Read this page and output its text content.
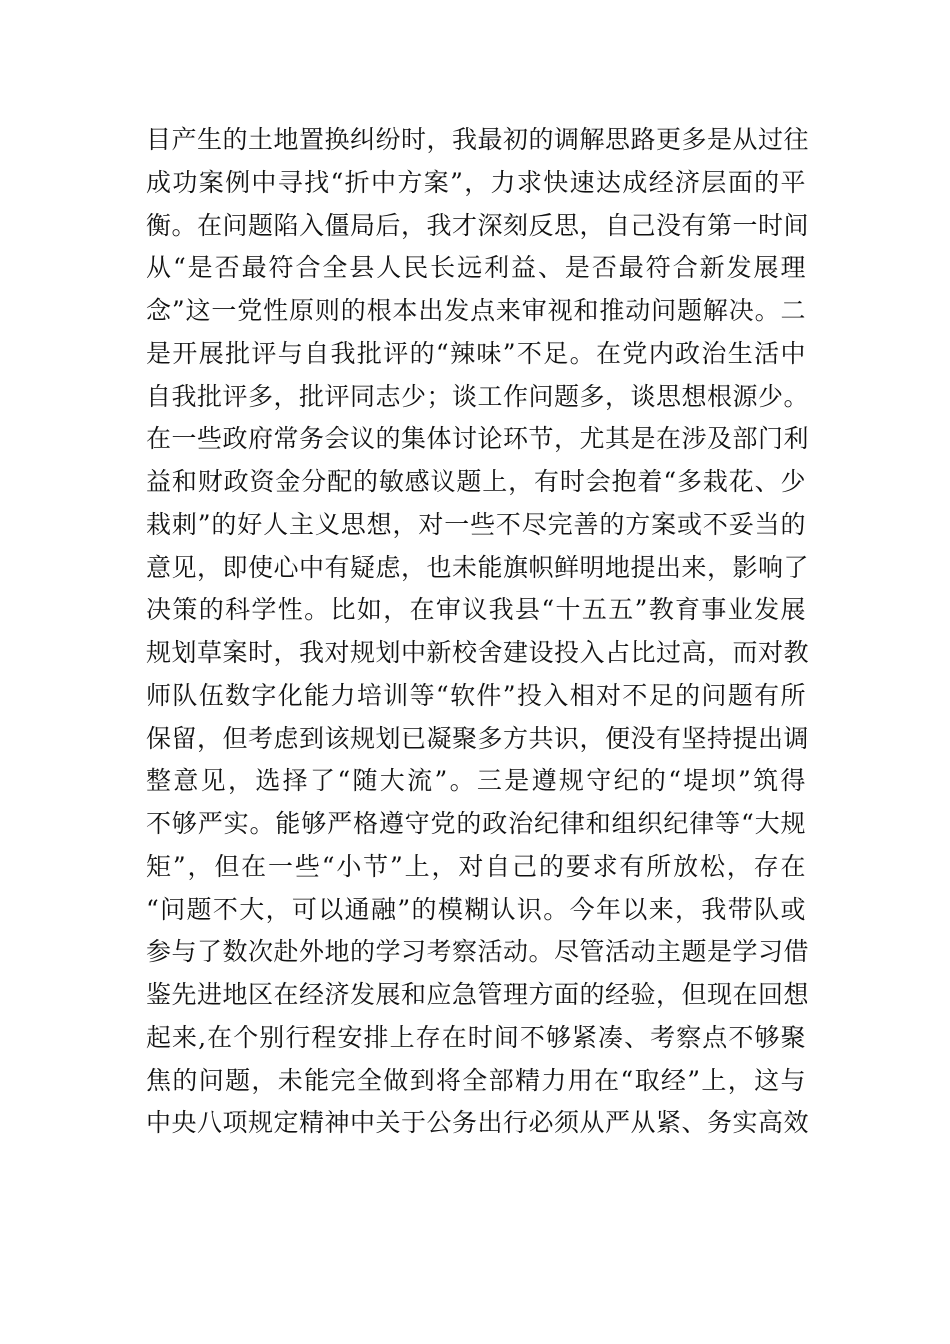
目产生的土地置换纠纷时，我最初的调解思路更多是从过往
成功案例中寻找“折中方案”，力求快速达成经济层面的平
衡。在问题陷入僵局后，我才深刻反思，自己没有第一时间
从“是否最符合全县人民长远利益、是否最符合新发展理
念”这一党性原则的根本出发点来审视和推动问题解决。二
是开展批评与自我批评的“辣味”不足。在党内政治生活中
自我批评多，批评同志少；谈工作问题多，谈思想根源少。
在一些政府常务会议的集体讨论环节，尤其是在涉及部门利
益和财政资金分配的敏感议题上，有时会抱着“多栽花、少
栽刺”的好人主义思想，对一些不尽完善的方案或不妥当的
意见，即使心中有疑虑，也未能旗帜鲜明地提出来，影响了
决策的科学性。比如，在审议我县“十五五”教育事业发展
规划草案时，我对规划中新校舍建设投入占比过高，而对教
师队伍数字化能力培训等“软件”投入相对不足的问题有所
保留，但考虑到该规划已凝聚多方共识，便没有坚持提出调
整意见，选择了“随大流”。三是遵规守纪的“堤坝”筑得
不够严实。能够严格遵守党的政治纪律和组织纪律等“大规
矩”，但在一些“小节”上，对自己的要求有所放松，存在
“问题不大，可以通融”的模糊认识。今年以来，我带队或
参与了数次赴外地的学习考察活动。尽管活动主题是学习借
鉴先进地区在经济发展和应急管理方面的经验，但现在回想
起来,在个别行程安排上存在时间不够紧凑、考察点不够聚
焦的问题，未能完全做到将全部精力用在“取经”上，这与
中央八项规定精神中关于公务出行必须从严从紧、务实高效
